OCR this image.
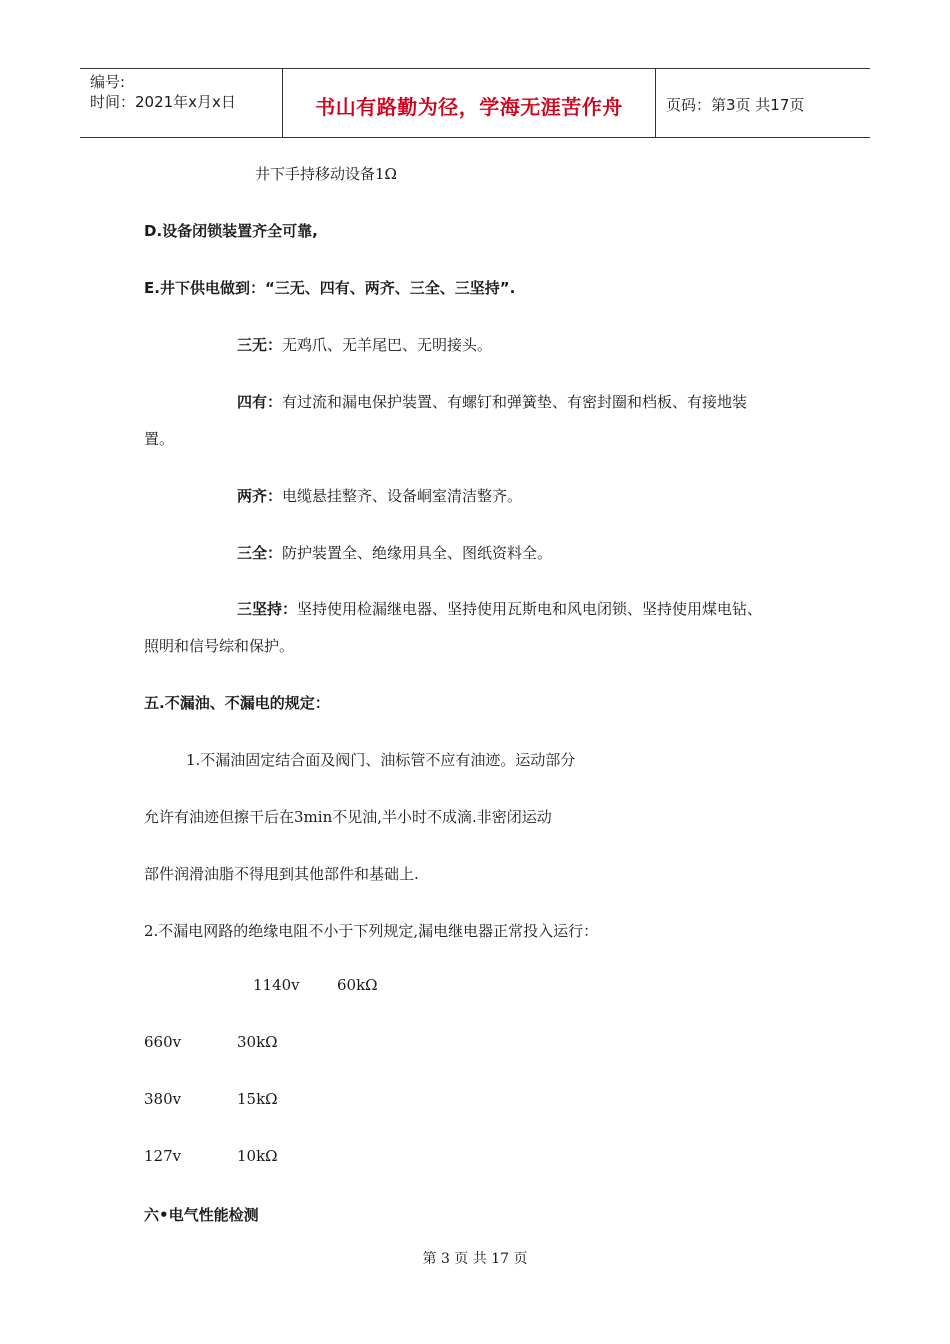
编号:
时间：2021年x月x日	书山有路勤为径，学海无涯苦作舟	页码：第3页 共17页
井下手持移动设备1Ω
D.设备闭锁装置齐全可靠,
E.井下供电做到：“三无、四有、两齐、三全、三坚持”.
三无：无鸡爪、无羊尾巴、无明接头。
四有：有过流和漏电保护装置、有螺钉和弹簧垫、有密封圈和档板、有接地装
置。
两齐：电缆悬挂整齐、设备峒室清洁整齐。
三全：防护装置全、绝缘用具全、图纸资料全。
三坚持：坚持使用检漏继电器、坚持使用瓦斯电和风电闭锁、坚持使用煤电钻、
照明和信号综和保护。
五.不漏油、不漏电的规定：
1.不漏油固定结合面及阀门、油标管不应有油迹。运动部分
允许有油迹但擦干后在3min不见油,半小时不成滴.非密闭运动
部件润滑油脂不得甩到其他部件和基础上.
2.不漏电网路的绝缘电阻不小于下列规定,漏电继电器正常投入运行：
1140v 60kΩ
660v	30kΩ
380v	15kΩ
127v	10kΩ
六•电气性能检测
第 3 页 共 17 页
